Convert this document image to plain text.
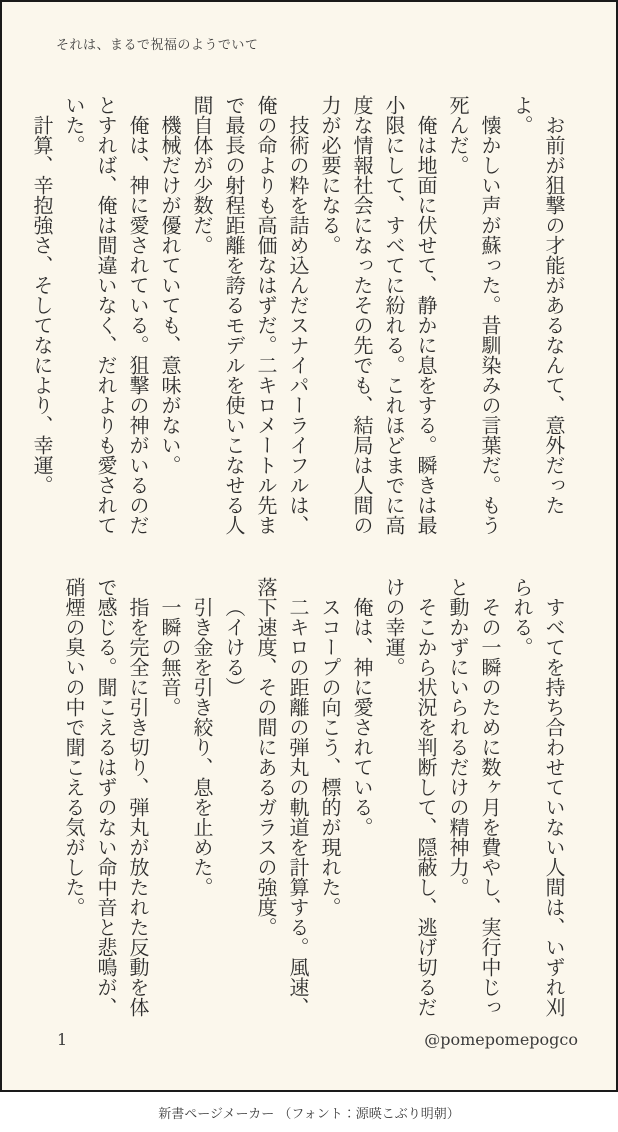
それは、まるで祝福のようでいて

お前が狙撃の才能があるなんて、意外だったよ。

懐かしい声が蘇った。昔馴染みの言葉だ。もう死んだ。

俺は地面に伏せて、静かに息をする。瞬きは最小限にして、すべてに紛れる。これほどまでに高度な情報社会になったその先でも、結局は人間の力が必要になる。

技術の粋を詰め込んだスナイパーライフルは、俺の命よりも高価なはずだ。二キロメートル先まで最長の射程距離を誇るモデルを使いこなせる人間自体が少数だ。

機械だけが優れていても、意味がない。

俺は、神に愛されている。狙撃の神がいるのだとすれば、俺は間違いなく、だれよりも愛されていた。

計算、辛抱強さ、そしてなにより、幸運。

すべてを持ち合わせていない人間は、いずれ刈られる。

その一瞬のために数ヶ月を費やし、実行中じっと動かずにいられるだけの精神力。

そこから状況を判断して、隠蔽し、逃げ切るだけの幸運。

俺は、神に愛されている。

スコープの向こう、標的が現れた。

二キロの距離の弾丸の軌道を計算する。風速、落下速度、その間にあるガラスの強度。

（イける）

引き金を引き絞り、息を止めた。

一瞬の無音。

指を完全に引き切り、弾丸が放たれた反動を体で感じる。聞こえるはずのない命中音と悲鳴が、硝煙の臭いの中で聞こえる気がした。

1	@pomepomepogco
新書ページメーカー （フォント：源暎こぶり明朝）
